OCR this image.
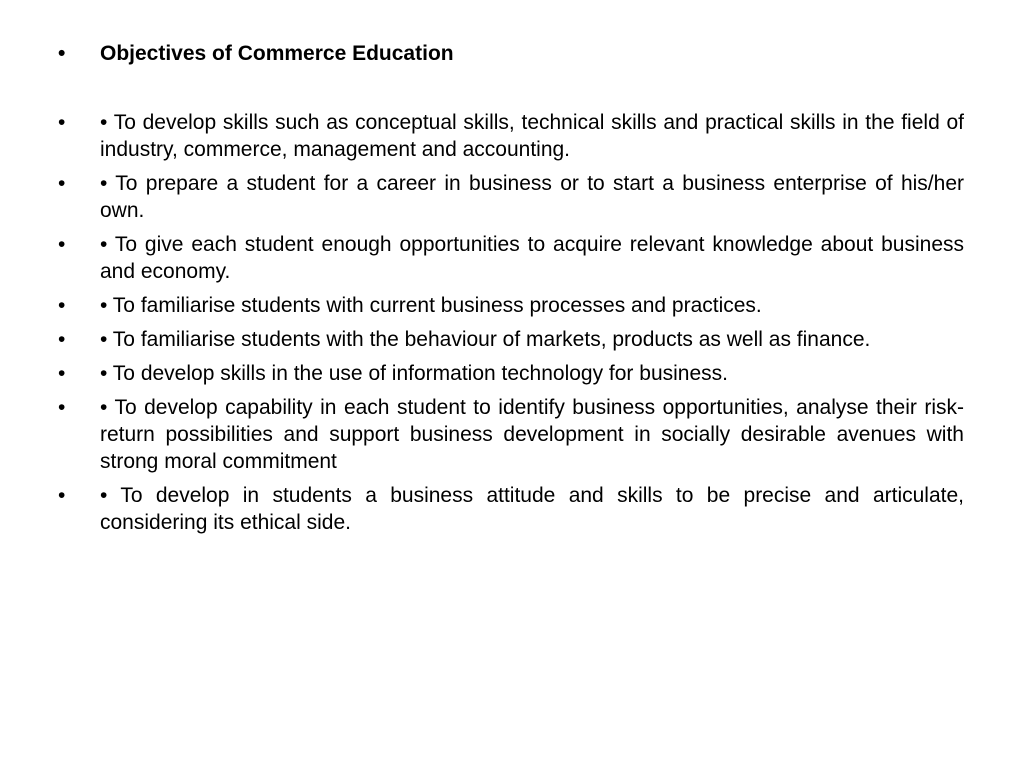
•	Objectives of Commerce Education
•	• To develop skills such as conceptual skills, technical skills and practical skills in the field of industry, commerce, management and accounting.
•	• To prepare a student for a career in business or to start a business enterprise of his/her own.
•	• To give each student enough opportunities to acquire relevant knowledge about business and economy.
•	• To familiarise students with current business processes and practices.
•	• To familiarise students with the behaviour of markets, products as well as finance.
•	• To develop skills in the use of information technology for business.
•	• To develop capability in each student to identify business opportunities, analyse their risk-return possibilities and support business development in socially desirable avenues with strong moral commitment
•	• To develop in students a business attitude and skills to be precise and articulate, considering its ethical side.
